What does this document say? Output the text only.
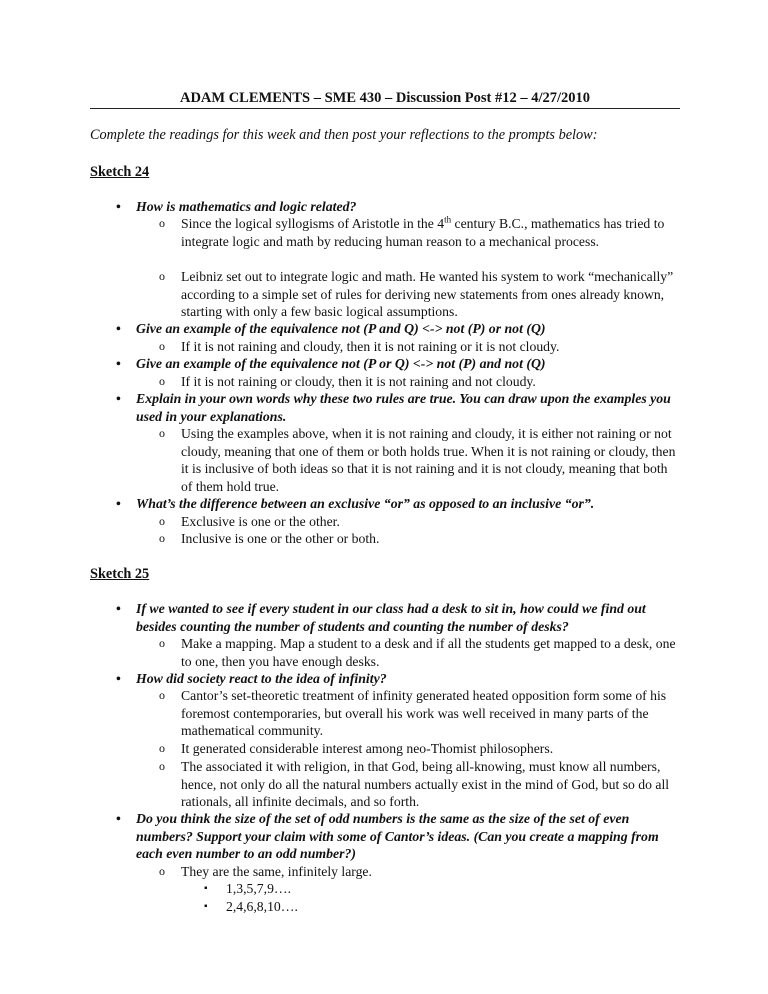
ADAM CLEMENTS – SME 430 – Discussion Post #12 – 4/27/2010
Complete the readings for this week and then post your reflections to the prompts below:
Sketch 24
• How is mathematics and logic related?
o Since the logical syllogisms of Aristotle in the 4th century B.C., mathematics has tried to integrate logic and math by reducing human reason to a mechanical process.
o Leibniz set out to integrate logic and math. He wanted his system to work “mechanically” according to a simple set of rules for deriving new statements from ones already known, starting with only a few basic logical assumptions.
• Give an example of the equivalence not (P and Q) <-> not (P) or not (Q)
o If it is not raining and cloudy, then it is not raining or it is not cloudy.
• Give an example of the equivalence not (P or Q) <-> not (P) and not (Q)
o If it is not raining or cloudy, then it is not raining and not cloudy.
• Explain in your own words why these two rules are true. You can draw upon the examples you used in your explanations.
o Using the examples above, when it is not raining and cloudy, it is either not raining or not cloudy, meaning that one of them or both holds true. When it is not raining or cloudy, then it is inclusive of both ideas so that it is not raining and it is not cloudy, meaning that both of them hold true.
• What’s the difference between an exclusive “or” as opposed to an inclusive “or”.
o Exclusive is one or the other.
o Inclusive is one or the other or both.
Sketch 25
• If we wanted to see if every student in our class had a desk to sit in, how could we find out besides counting the number of students and counting the number of desks?
o Make a mapping. Map a student to a desk and if all the students get mapped to a desk, one to one, then you have enough desks.
• How did society react to the idea of infinity?
o Cantor’s set-theoretic treatment of infinity generated heated opposition form some of his foremost contemporaries, but overall his work was well received in many parts of the mathematical community.
o It generated considerable interest among neo-Thomist philosophers.
o The associated it with religion, in that God, being all-knowing, must know all numbers, hence, not only do all the natural numbers actually exist in the mind of God, but so do all rationals, all infinite decimals, and so forth.
• Do you think the size of the set of odd numbers is the same as the size of the set of even numbers? Support your claim with some of Cantor’s ideas. (Can you create a mapping from each even number to an odd number?)
o They are the same, infinitely large.
▪ 1,3,5,7,9….
▪ 2,4,6,8,10….
